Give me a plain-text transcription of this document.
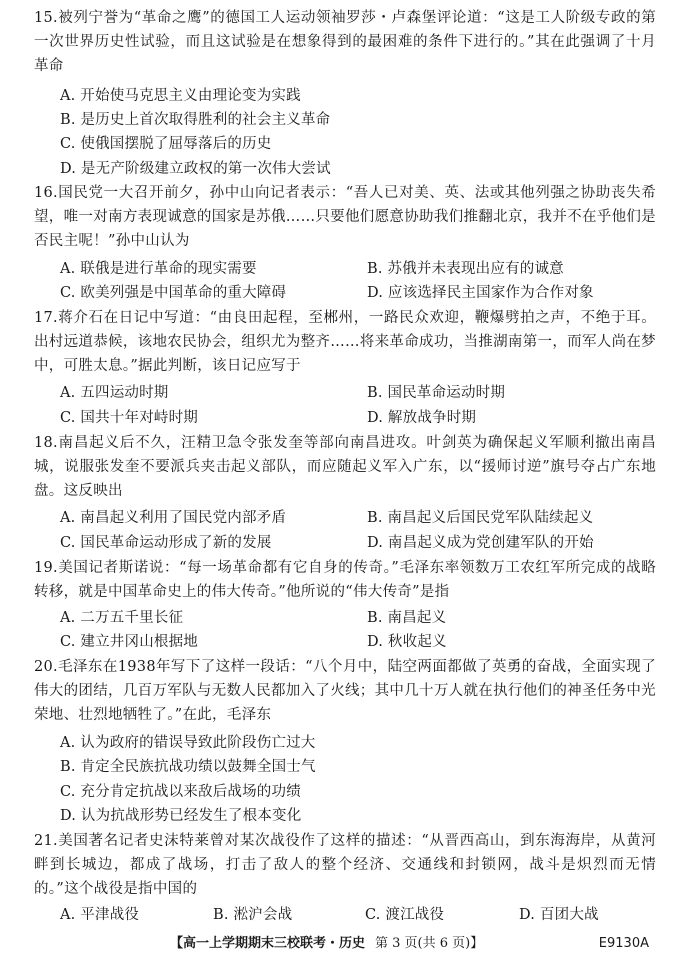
15.被列宁誉为“革命之鹰”的德国工人运动领袖罗莎・卢森堡评论道：“这是工人阶级专政的第一次世界历史性试验，而且这试验是在想象得到的最困难的条件下进行的。”其在此强调了十月革命
A. 开始使马克思主义由理论变为实践
B. 是历史上首次取得胜利的社会主义革命
C. 使俄国摆脱了屈辱落后的历史
D. 是无产阶级建立政权的第一次伟大尝试
16.国民党一大召开前夕，孙中山向记者表示：“吾人已对美、英、法或其他列强之协助丧失希望，唯一对南方表现诚意的国家是苏俄……只要他们愿意协助我们推翻北京，我并不在乎他们是否民主呢！”孙中山认为
A. 联俄是进行革命的现实需要	B. 苏俄并未表现出应有的诚意
C. 欧美列强是中国革命的重大障碍	D. 应该选择民主国家作为合作对象
17.蒋介石在日记中写道：“由良田起程，至郴州，一路民众欢迎，鞭爆劈拍之声，不绝于耳。出村远道恭候，该地农民协会，组织尤为整齐……将来革命成功，当推湖南第一，而军人尚在梦中，可胜太息。”据此判断，该日记应写于
A. 五四运动时期	B. 国民革命运动时期
C. 国共十年对峙时期	D. 解放战争时期
18.南昌起义后不久，汪精卫急令张发奎等部向南昌进攻。叶剑英为确保起义军顺利撤出南昌城，说服张发奎不要派兵夹击起义部队，而应随起义军入广东，以“援师讨逆”旗号夺占广东地盘。这反映出
A. 南昌起义利用了国民党内部矛盾	B. 南昌起义后国民党军队陆续起义
C. 国民革命运动形成了新的发展	D. 南昌起义成为党创建军队的开始
19.美国记者斯诺说：“每一场革命都有它自身的传奇。”毛泽东率领数万工农红军所完成的战略转移，就是中国革命史上的伟大传奇。”他所说的“伟大传奇”是指
A. 二万五千里长征	B. 南昌起义
C. 建立井冈山根据地	D. 秋收起义
20.毛泽东在1938年写下了这样一段话：“八个月中，陆空两面都做了英勇的奋战，全面实现了伟大的团结，几百万军队与无数人民都加入了火线；其中几十万人就在执行他们的神圣任务中光荣地、壮烈地牺牲了。”在此，毛泽东
A. 认为政府的错误导致此阶段伤亡过大
B. 肯定全民族抗战功绩以鼓舞全国士气
C. 充分肯定抗战以来敌后战场的功绩
D. 认为抗战形势已经发生了根本变化
21.美国著名记者史沫特莱曾对某次战役作了这样的描述：“从晋西高山，到东海海岸，从黄河畔到长城边，都成了战场，打击了敌人的整个经济、交通线和封锁网，战斗是炽烈而无情的。”这个战役是指中国的
A. 平津战役	B. 淞沪会战	C. 渡江战役	D. 百团大战
【高一上学期期末三校联考・历史 第 3 页(共 6 页)】	E9130A
